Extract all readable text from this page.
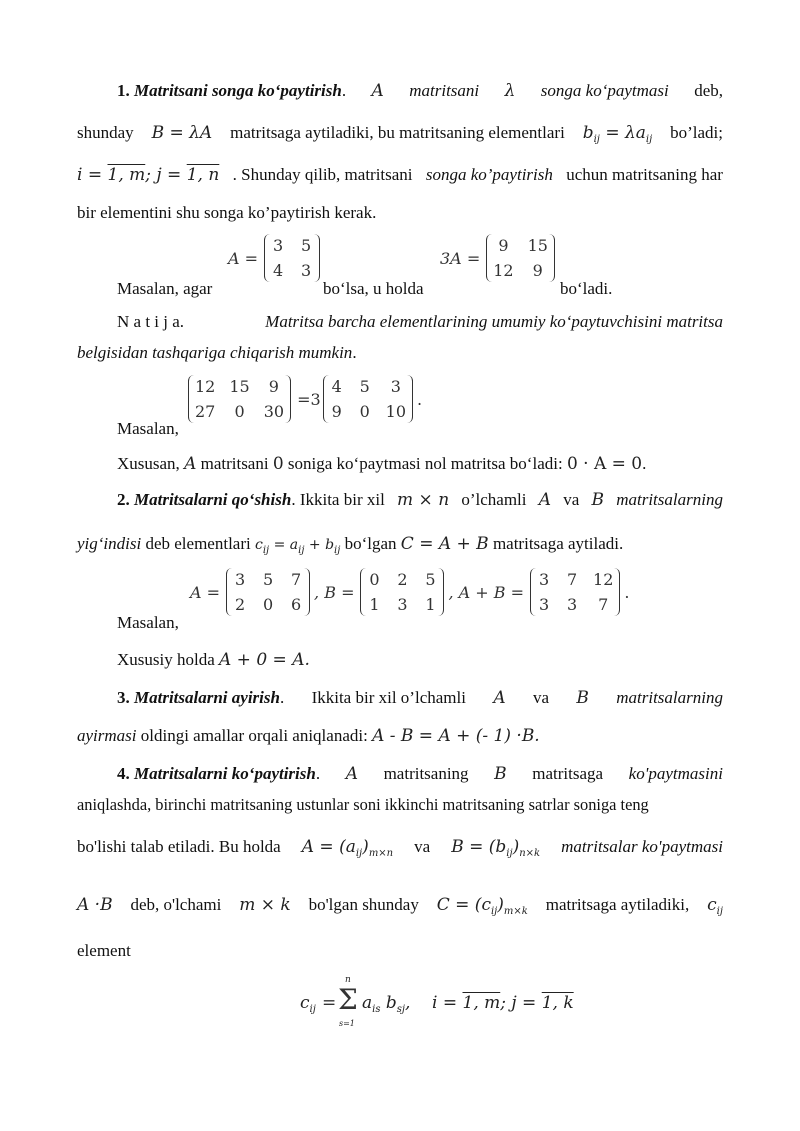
1. Matritsani songa ko‘paytirish. A matritsani λ songa ko‘paytmasi deb,
shunday B = λA matritsaga aytiladiki, bu matritsaning elementlari $b_{ij} = \lambda a_{ij}$ bo’ladi;
i = 1, m; j = 1, n . Shunday qilib, matritsani songa ko’paytirish uchun matritsaning har
bir elementini shu songa ko’paytirish kerak.
Masalan, agar
A =
3 5
4 3
bo‘lsa, u holda
3A =
9	15
12	9
bo‘ladi.
N a t i j a.	Matritsa barcha elementlarining umumiy ko‘paytuvchisini matritsa
belgisidan tashqariga chiqarish mumkin.
Masalan,
12 15	9
27	0	30
=3
4 5	3
9 0 10
.
Xususan, A matritsani 0 soniga ko‘paytmasi nol matritsa bo‘ladi: 0 · A = 0.
2. Matritsalarni qo‘shish. Ikkita bir xil m × n o’lchamli A va B matritsalarning
yig‘indisi deb elementlari $c_{ij} = a_{ij} + b_{ij}$ bo‘lgan C = A + B matritsaga aytiladi.
Masalan,
A =
3 5 7
2 0 6
, B =
0 2 5
1 3 1
, A + B =
3 7 12
3 3	7
.
Xususiy holda A + 0 = A.
3. Matritsalarni ayirish. Ikkita bir xil o’lchamli A va B matritsalarning
ayirmasi oldingi amallar orqali aniqlanadi: A - B = A + (- 1) ·B.
4. Matritsalarni ko‘paytirish. A matritsaning B matritsaga ko'paytmasini
aniqlashda, birinchi matritsaning ustunlar soni ikkinchi matritsaning satrlar soniga teng
bo'lishi talab etiladi. Bu holda $A = (a_{ij})_{m\times n}$ va $B = (b_{ij})_{n\times k}$ matritsalar ko'paytmasi
A ·B deb, o'lchami m × k bo'lgan shunday $C = (c_{ij})_{m\times k}$ matritsaga aytiladiki, $c_{ij}$
element
$c_{ij}$ =
n
Σ
s=1
$a_{is}$ $b_{sj}$, i = 1, m; j = 1, k
